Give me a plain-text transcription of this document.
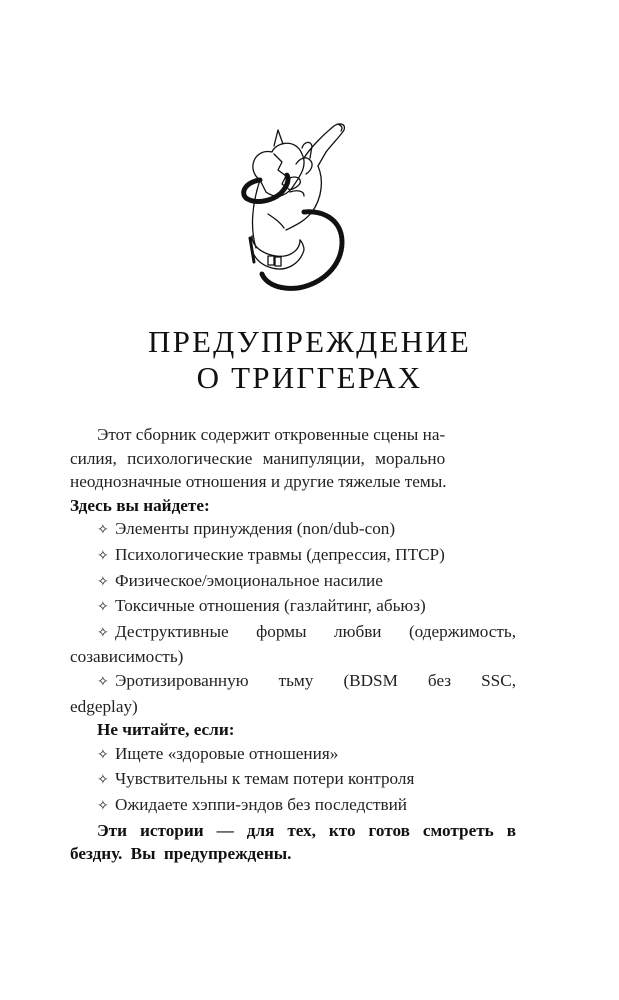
ПРЕДУПРЕЖДЕНИЕ
О ТРИГГЕРАХ

Этот сборник содержит откровенные сцены на-

силия, психологические манипуляции, морально

неоднозначные отношения и другие тяжелые темы.

Здесь вы найдете:

✧ Элементы принуждения (non/dub-con)

✧ Психологические травмы (депрессия, ПТСР)

✧ Физическое/эмоциональное насилие

✧ Токсичные отношения (газлайтинг, абьюз)

✧ Деструктивные формы любви (одержимость, созависимость)

✧ Эротизированную тьму (BDSM без SSC, edgeplay)

Не читайте, если:

✧ Ищете «здоровые отношения»

✧ Чувствительны к темам потери контроля

✧ Ожидаете хэппи-эндов без последствий

Эти истории — для тех, кто готов смотреть в бездну. Вы предупреждены.
